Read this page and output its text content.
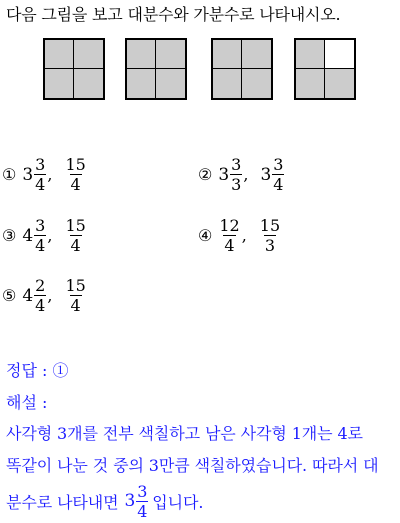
다음 그림을 보고 대분수와 가분수로 나타내시오.
① $3 \frac{3}{4}$ , $\frac{15}{4}$	② $3 \frac{3}{3}$ , $3 \frac{3}{4}$
③ $4 \frac{3}{4}$ , $\frac{15}{4}$	④ $\frac{12}{4}$ , $\frac{15}{3}$
⑤ $4 \frac{2}{4}$ , $\frac{15}{4}$
정답 : ①
해설 :
사각형 3개를 전부 색칠하고 남은 사각형 1개는 4로
똑같이 나눈 것 중의 3만큼 색칠하였습니다. 따라서 대
분수로 나타내면 $3 \frac{3}{4}$ 입니다.
